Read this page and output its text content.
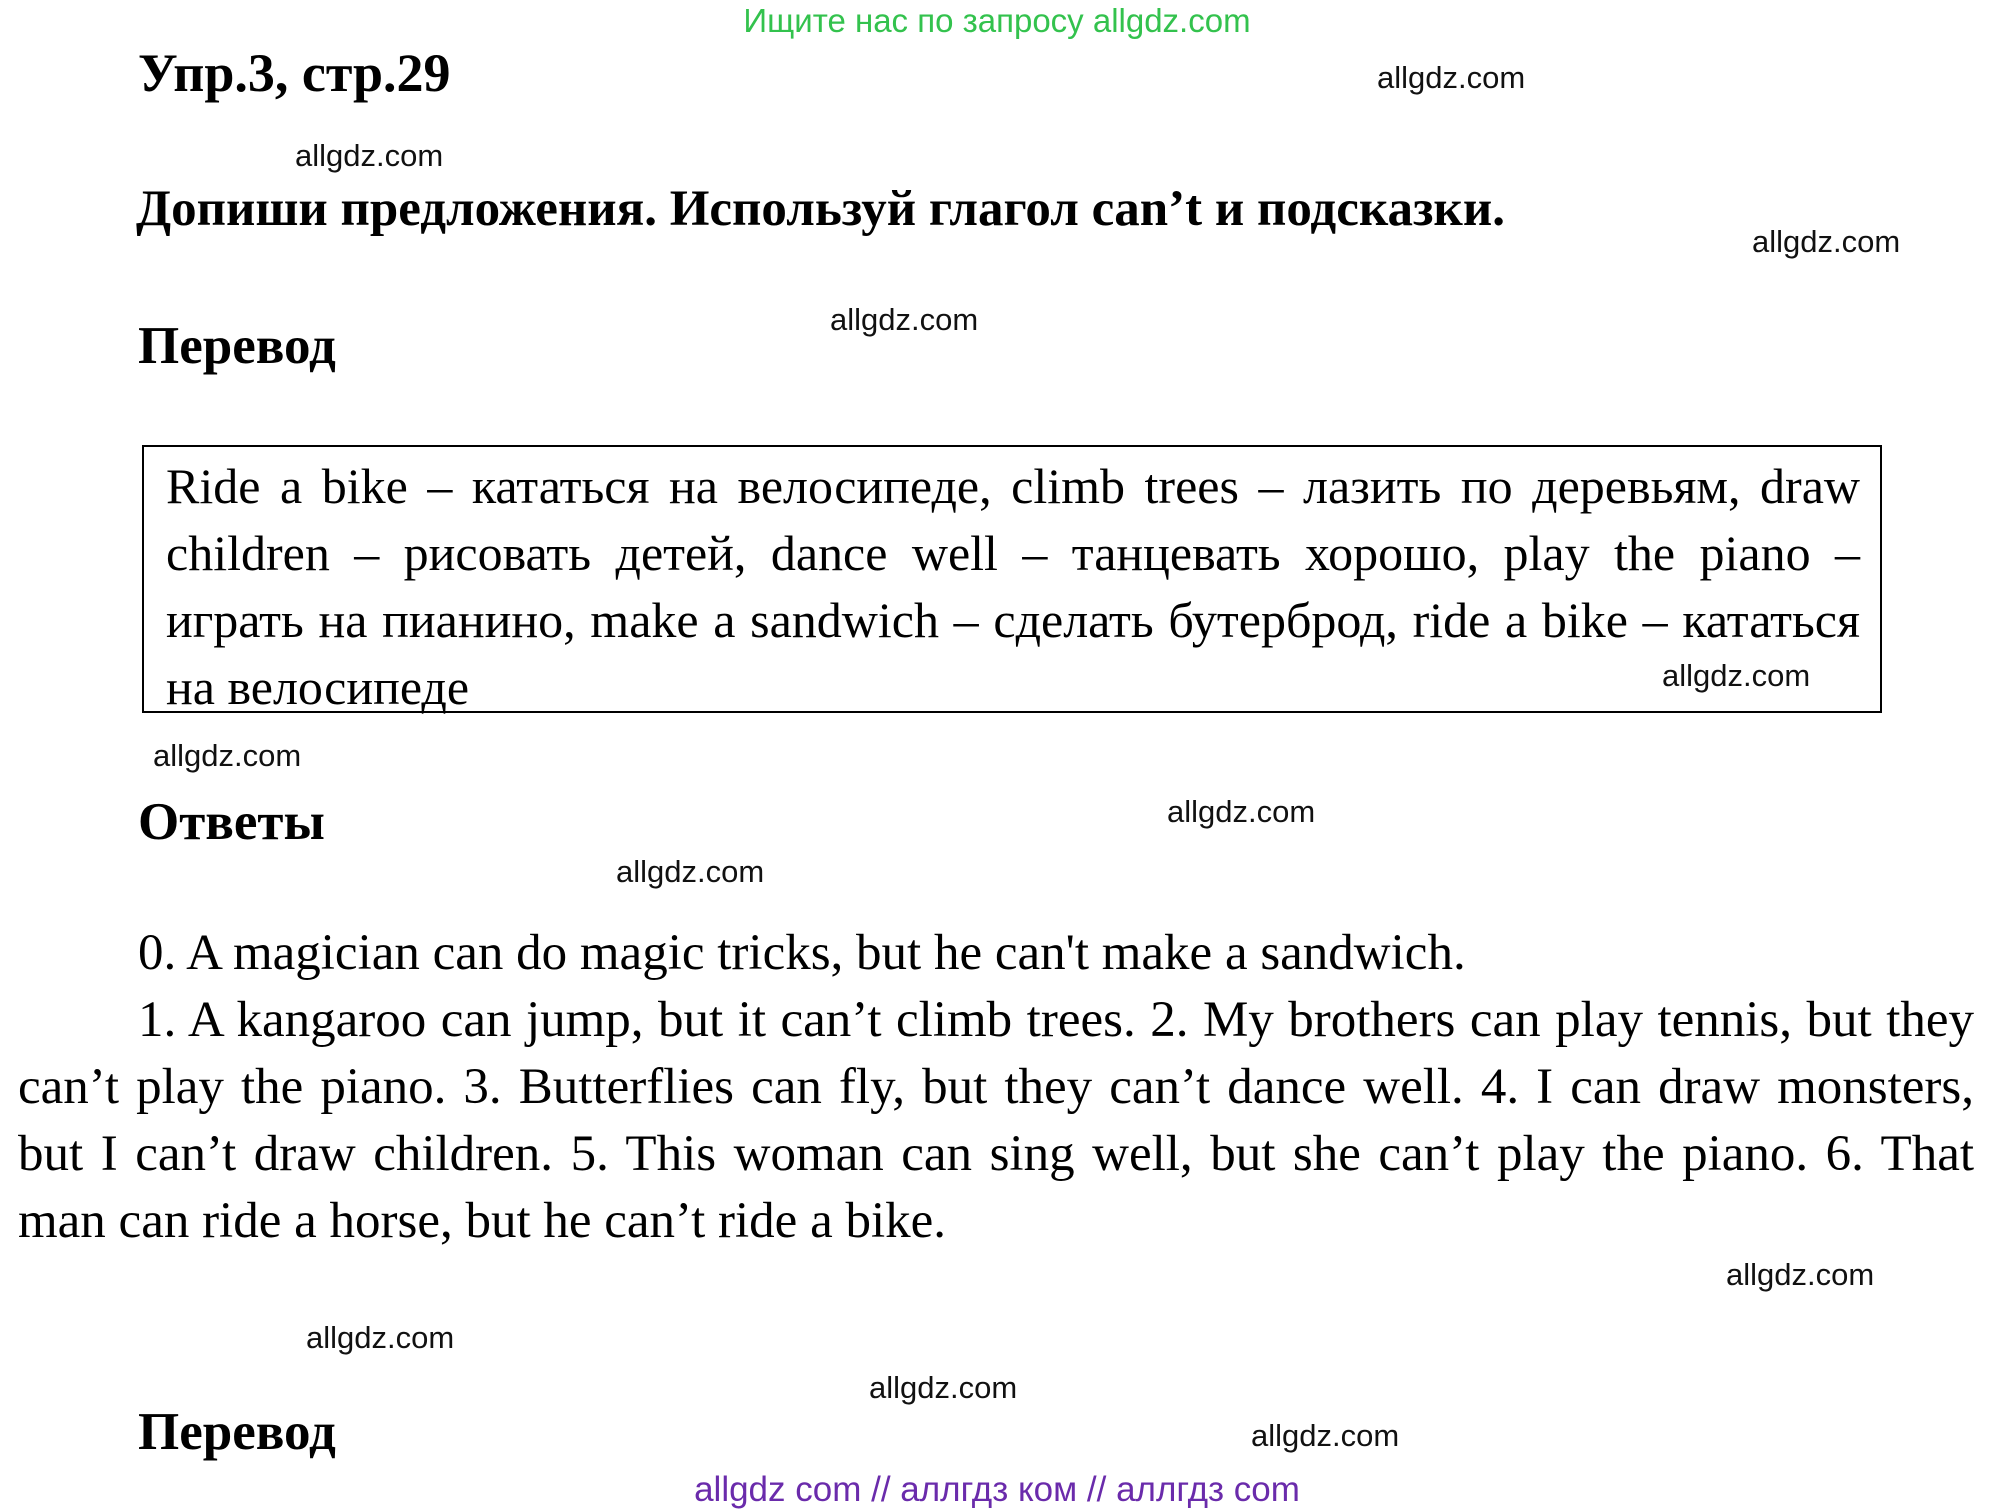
Ищите нас по запросу allgdz.com
Упр.3, стр.29
Допиши предложения. Используй глагол can’t и подсказки.
Перевод
Ride a bike – кататься на велосипеде, climb trees – лазить по деревьям, draw children – рисовать детей, dance well – танцевать хорошо, play the piano – играть на пианино, make a sandwich – сделать бутерброд, ride a bike – кататься на велосипеде
Ответы

0. A magician can do magic tricks, but he can't make a sandwich.

1. A kangaroo can jump, but it can’t climb trees. 2. My brothers can play tennis, but they can’t play the piano. 3. Butterflies can fly, but they can’t dance well. 4. I can draw monsters, but I can’t draw children. 5. This woman can sing well, but she can’t play the piano. 6. That man can ride a horse, but he can’t ride a bike.

Перевод
allgdz.com
allgdz.com
allgdz.com
allgdz.com
allgdz.com
allgdz.com
allgdz.com
allgdz.com
allgdz.com
allgdz.com
allgdz.com
allgdz.com
allgdz com // аллгдз ком // аллгдз com
